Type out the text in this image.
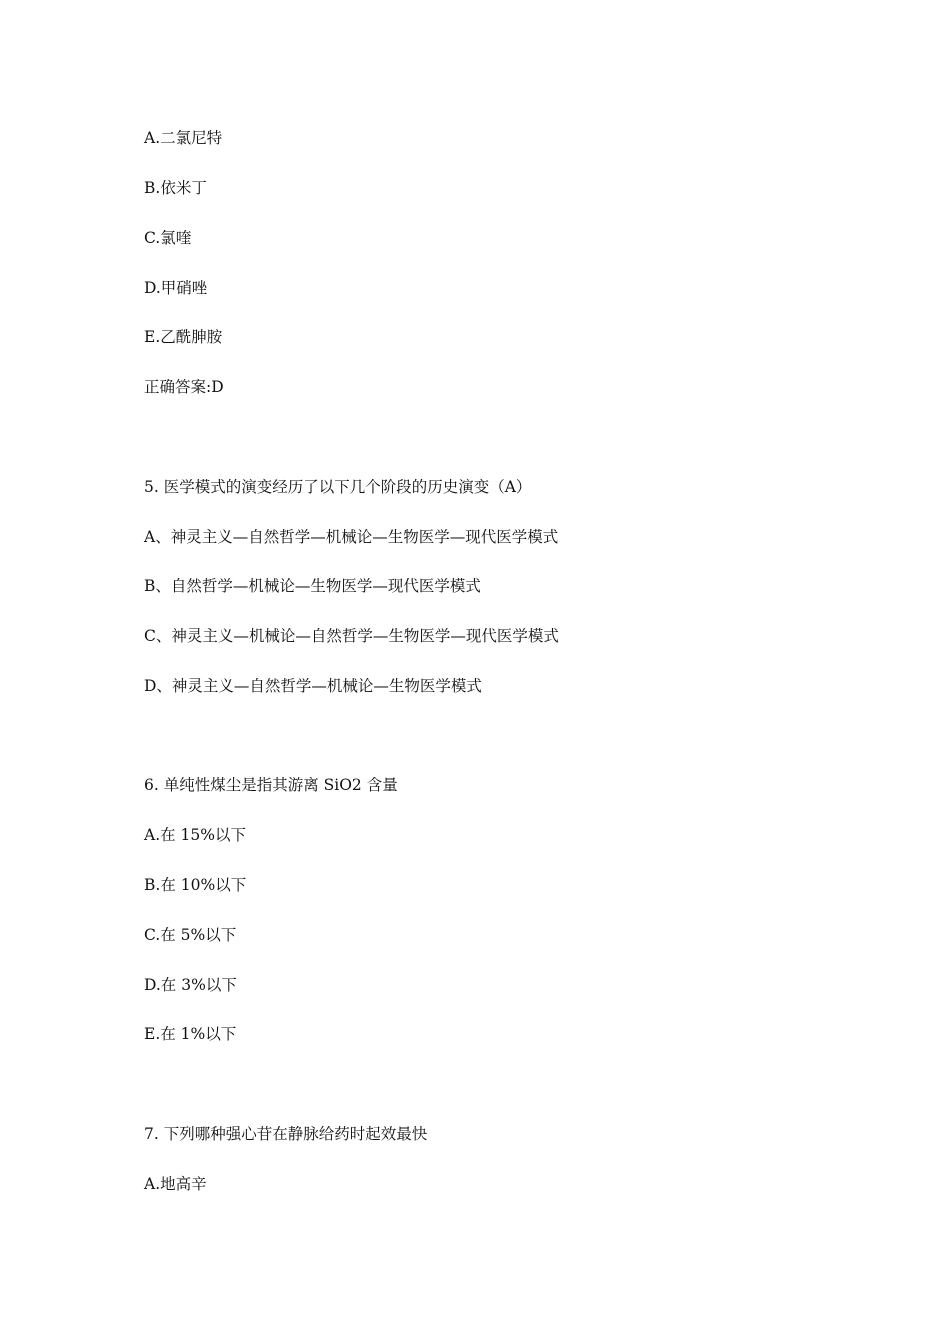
A.二氯尼特
B.依米丁
C.氯喹
D.甲硝唑
E.乙酰胂胺
正确答案:D
5. 医学模式的演变经历了以下几个阶段的历史演变（A）
A、神灵主义—自然哲学—机械论—生物医学—现代医学模式
B、自然哲学—机械论—生物医学—现代医学模式
C、神灵主义—机械论—自然哲学—生物医学—现代医学模式
D、神灵主义—自然哲学—机械论—生物医学模式
6. 单纯性煤尘是指其游离 SiO2 含量
A.在 15%以下
B.在 10%以下
C.在 5%以下
D.在 3%以下
E.在 1%以下
7. 下列哪种强心苷在静脉给药时起效最快
A.地高辛
